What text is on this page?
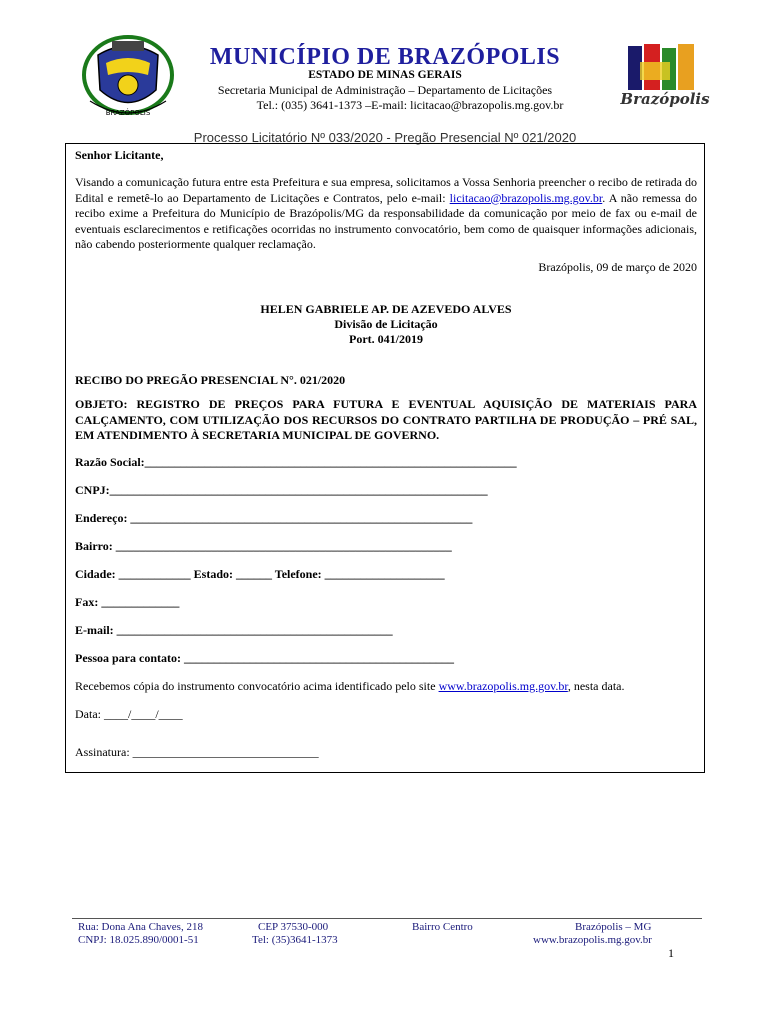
BRAZÓPOLIS
MUNICÍPIO DE BRAZÓPOLIS
ESTADO DE MINAS GERAIS
Secretaria Municipal de Administração – Departamento de Licitações
Tel.: (035) 3641-1373 –E-mail: licitacao@brazopolis.mg.gov.br	Brazópolis
Processo Licitatório Nº 033/2020 - Pregão Presencial Nº 021/2020
Senhor Licitante,
Visando a comunicação futura entre esta Prefeitura e sua empresa, solicitamos a Vossa Senhoria preencher o recibo de retirada do Edital e remetê-lo ao Departamento de Licitações e Contratos, pelo e-mail: licitacao@brazopolis.mg.gov.br. A não remessa do recibo exime a Prefeitura do Município de Brazópolis/MG da responsabilidade da comunicação por meio de fax ou e-mail de eventuais esclarecimentos e retificações ocorridas no instrumento convocatório, bem como de quaisquer informações adicionais, não cabendo posteriormente qualquer reclamação.
Brazópolis, 09 de março de 2020
HELEN GABRIELE AP. DE AZEVEDO ALVES
Divisão de Licitação
Port. 041/2019
RECIBO DO PREGÃO PRESENCIAL N°. 021/2020
OBJETO: REGISTRO DE PREÇOS PARA FUTURA E EVENTUAL AQUISIÇÃO DE MATERIAIS PARA CALÇAMENTO, COM UTILIZAÇÃO DOS RECURSOS DO CONTRATO PARTILHA DE PRODUÇÃO – PRÉ SAL, EM ATENDIMENTO À SECRETARIA MUNICIPAL DE GOVERNO.
Razão Social:______________________________________________________________
CNPJ:_______________________________________________________________
Endereço: _________________________________________________________
Bairro: ________________________________________________________
Cidade: ____________ Estado: ______ Telefone: ____________________
Fax: _____________
E-mail: ______________________________________________
Pessoa para contato: _____________________________________________
Recebemos cópia do instrumento convocatório acima identificado pelo site www.brazopolis.mg.gov.br, nesta data.
Data: ____/____/____
Assinatura: _______________________________
Rua: Dona Ana Chaves, 218
CNPJ: 18.025.890/0001-51
CEP 37530-000
Tel: (35)3641-1373
Bairro Centro	Brazópolis – MG
www.brazopolis.mg.gov.br
1
